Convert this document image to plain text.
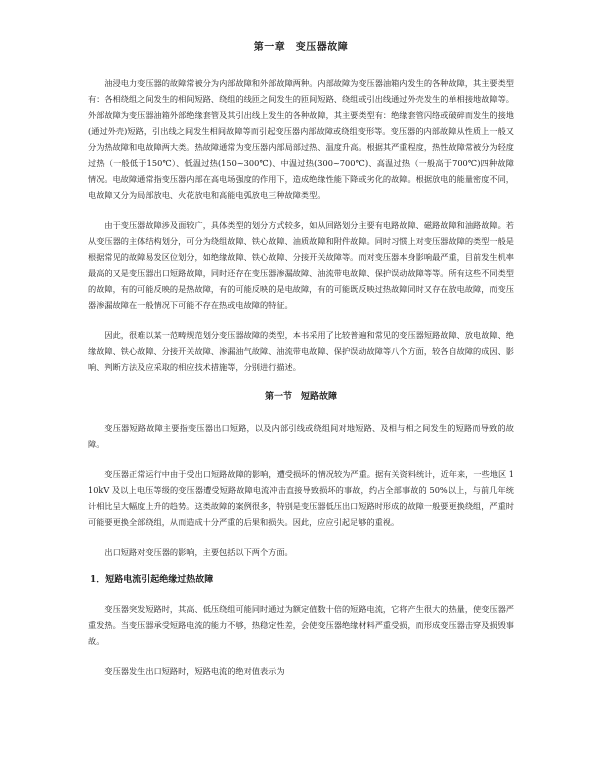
第一章　变压器故障

油浸电力变压器的故障常被分为内部故障和外部故障两种。内部故障为变压器油箱内发生的各种故障，其主要类型有：各相绕组之间发生的相间短路、绕组的线匝之间发生的匝间短路、绕组或引出线通过外壳发生的单相接地故障等。外部故障为变压器油箱外部绝缘套管及其引出线上发生的各种故障，其主要类型有：绝缘套管闪络或破碎而发生的接地(通过外壳)短路，引出线之间发生相间故障等而引起变压器内部故障或绕组变形等。变压器的内部故障从性质上一般又分为热故障和电故障两大类。热故障通常为变压器内部局部过热、温度升高。根据其严重程度，热性故障常被分为轻度过热（一般低于150℃）、低温过热(150~300℃)、中温过热(300~700℃)、高温过热（一般高于700℃)四种故障情况。电故障通常指变压器内部在高电场强度的作用下，造成绝缘性能下降或劣化的故障。根据放电的能量密度不同，电故障又分为局部放电、火花放电和高能电弧放电三种故障类型。

由于变压器故障涉及面较广，具体类型的划分方式较多，如从回路划分主要有电路故障、磁路故障和油路故障。若从变压器的主体结构划分，可分为绕组故障、铁心故障、油质故障和附件故障。同时习惯上对变压器故障的类型一般是根据常见的故障易发区位划分，如绝缘故障、铁心故障、分接开关故障等。而对变压器本身影响最严重，目前发生机率最高的又是变压器出口短路故障，同时还存在变压器渗漏故障、油流带电故障、保护误动故障等等。所有这些不同类型的故障，有的可能反映的是热故障，有的可能反映的是电故障，有的可能既反映过热故障同时又存在放电故障，而变压器渗漏故障在一般情况下可能不存在热或电故障的特征。

因此，很难以某一范畴规范划分变压器故障的类型，本书采用了比较普遍和常见的变压器短路故障、放电故障、绝缘故障、铁心故障、分接开关故障、渗漏油气故障、油流带电故障、保护误动故障等八个方面，较各自故障的成因、影响、判断方法及应采取的相应技术措施等，分别进行描述。

第一节　短路故障

变压器短路故障主要指变压器出口短路，以及内部引线或绕组间对地短路、及相与相之间发生的短路而导致的故障。

变压器正常运行中由于受出口短路故障的影响，遭受损坏的情况较为严重。据有关资料统计，近年来，一些地区 110kV 及以上电压等级的变压器遭受短路故障电流冲击直接导致损坏的事故，约占全部事故的 50%以上，与前几年统计相比呈大幅度上升的趋势。这类故障的案例很多，特别是变压器低压出口短路时形成的故障一般要更换绕组，严重时可能要更换全部绕组，从而造成十分严重的后果和损失。因此，应应引起足够的重视。

出口短路对变压器的影响，主要包括以下两个方面。

1．短路电流引起绝缘过热故障

变压器突发短路时，其高、低压绕组可能同时通过为额定值数十倍的短路电流，它将产生很大的热量，使变压器严重发热。当变压器承受短路电流的能力不够，热稳定性差，会使变压器绝缘材料严重受损，而形成变压器击穿及损毁事故。

变压器发生出口短路时，短路电流的绝对值表示为
